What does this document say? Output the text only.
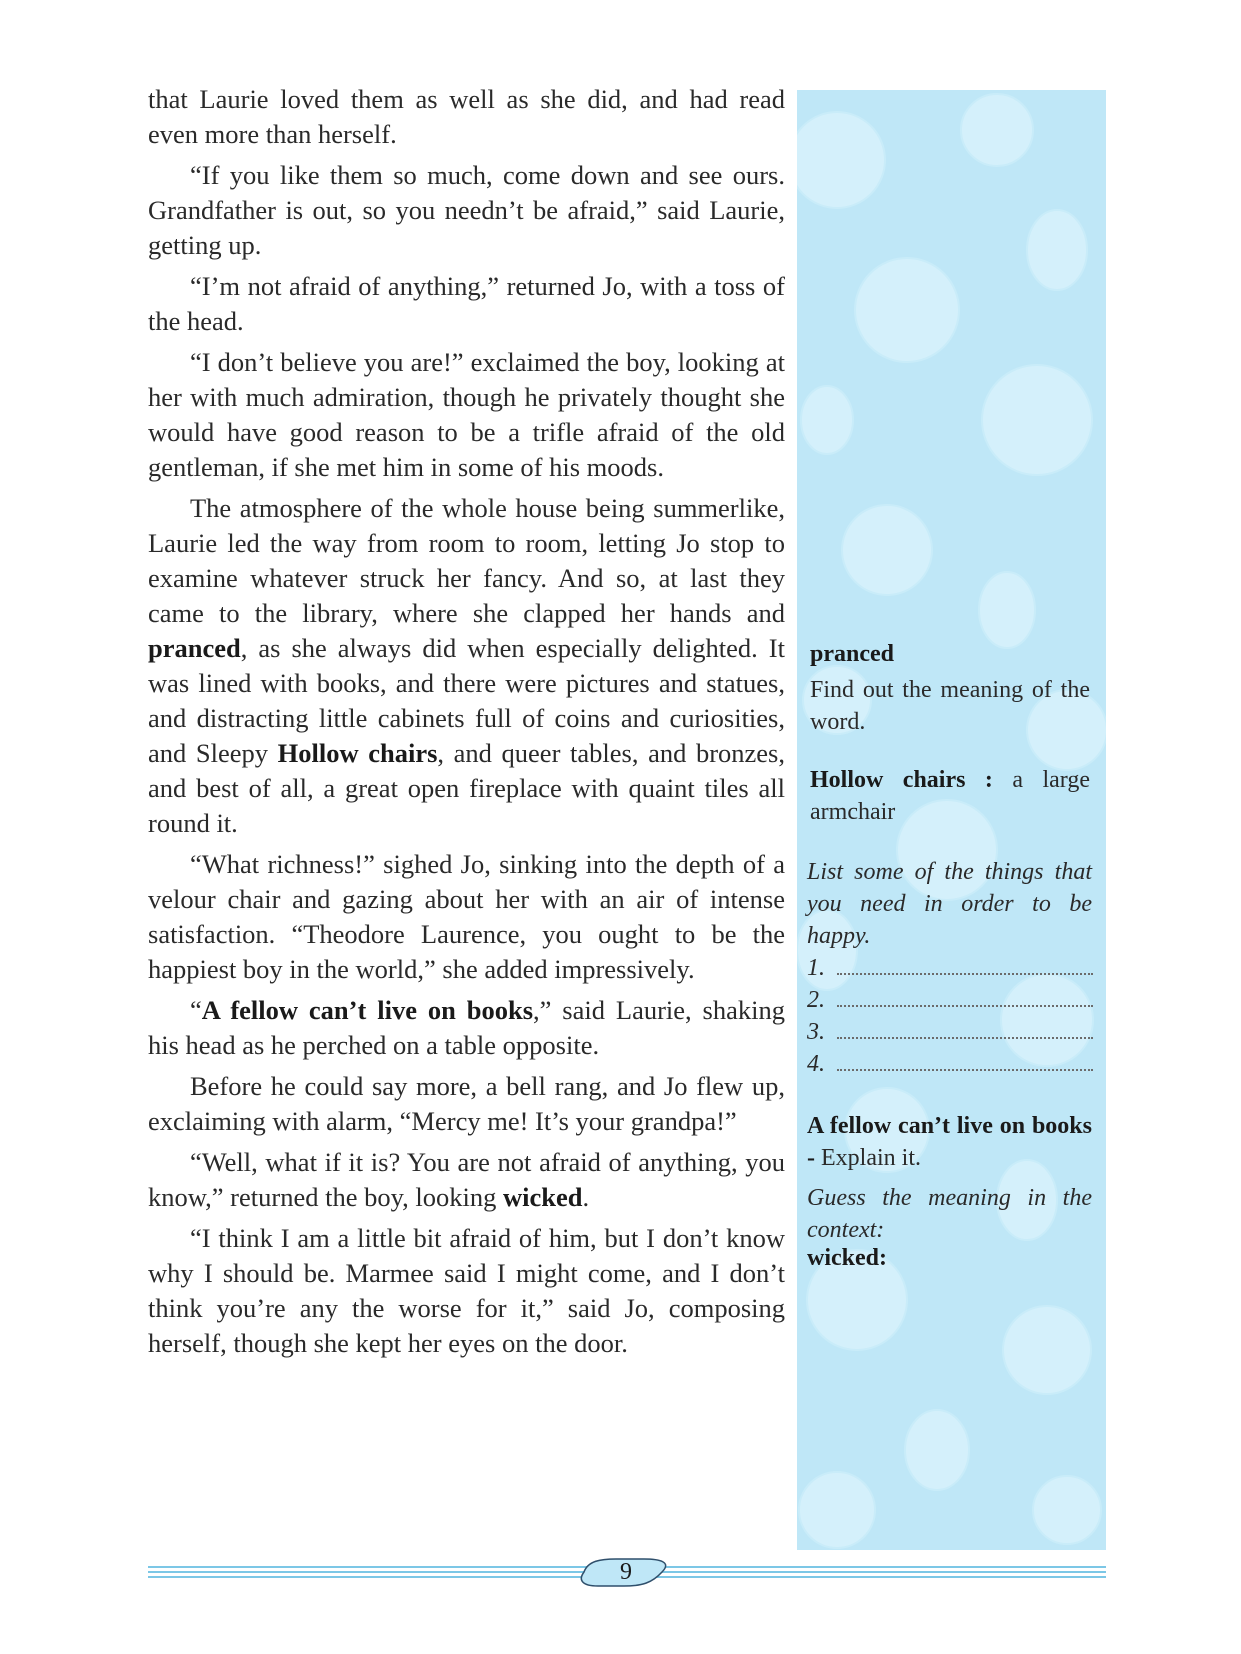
that Laurie loved them as well as she did, and had read even more than herself.

“If you like them so much, come down and see ours. Grandfather is out, so you needn’t be afraid,” said Laurie, getting up.

“I’m not afraid of anything,” returned Jo, with a toss of the head.

“I don’t believe you are!” exclaimed the boy, looking at her with much admiration, though he privately thought she would have good reason to be a trifle afraid of the old gentleman, if she met him in some of his moods.

The atmosphere of the whole house being summerlike, Laurie led the way from room to room, letting Jo stop to examine whatever struck her fancy. And so, at last they came to the library, where she clapped her hands and pranced, as she always did when especially delighted. It was lined with books, and there were pictures and statues, and distracting little cabinets full of coins and curiosities, and Sleepy Hollow chairs, and queer tables, and bronzes, and best of all, a great open fireplace with quaint tiles all round it.

“What richness!” sighed Jo, sinking into the depth of a velour chair and gazing about her with an air of intense satisfaction. “Theodore Laurence, you ought to be the happiest boy in the world,” she added impressively.

“A fellow can’t live on books,” said Laurie, shaking his head as he perched on a table opposite.

Before he could say more, a bell rang, and Jo flew up, exclaiming with alarm, “Mercy me! It’s your grandpa!”

“Well, what if it is? You are not afraid of anything, you know,” returned the boy, looking wicked.

“I think I am a little bit afraid of him, but I don’t know why I should be. Marmee said I might come, and I don’t think you’re any the worse for it,” said Jo, composing herself, though she kept her eyes on the door.

pranced
Find out the meaning of the word.
Hollow chairs : a large armchair
List some of the things that you need in order to be happy.
1.
2.
3.
4.
A fellow can’t live on books - Explain it.
Guess the meaning in the context:
wicked:
9
